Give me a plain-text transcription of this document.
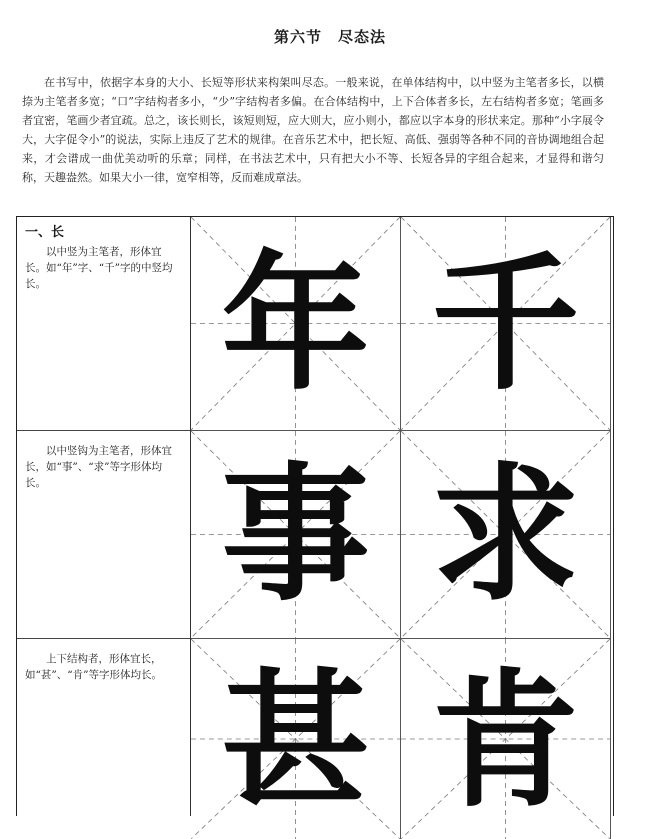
第六节　尽态法

在书写中，依据字本身的大小、长短等形状来构架叫尽态。一般来说，在单体结构中，以中竖为主笔者多长，以横捺为主笔者多宽；“口”字结构者多小，“少”字结构者多偏。在合体结构中，上下合体者多长，左右结构者多宽；笔画多者宜密，笔画少者宜疏。总之，该长则长，该短则短，应大则大，应小则小，都应以字本身的形状来定。那种“小字展令大，大字促令小”的说法，实际上违反了艺术的规律。在音乐艺术中，把长短、高低、强弱等各种不同的音协调地组合起来，才会谱成一曲优美动听的乐章；同样，在书法艺术中，只有把大小不等、长短各异的字组合起来，才显得和谐匀称，天趣盎然。如果大小一律，宽窄相等，反而难成章法。

一、长

以中竖为主笔者，形体宜长。如“年”字、“千”字的中竖均长。

以中竖钩为主笔者，形体宜长，如“事”、“求”等字形体均长。

上下结构者，形体宜长，如“甚”、“肯”等字形体均长。

年 千
事 求
甚 肯
